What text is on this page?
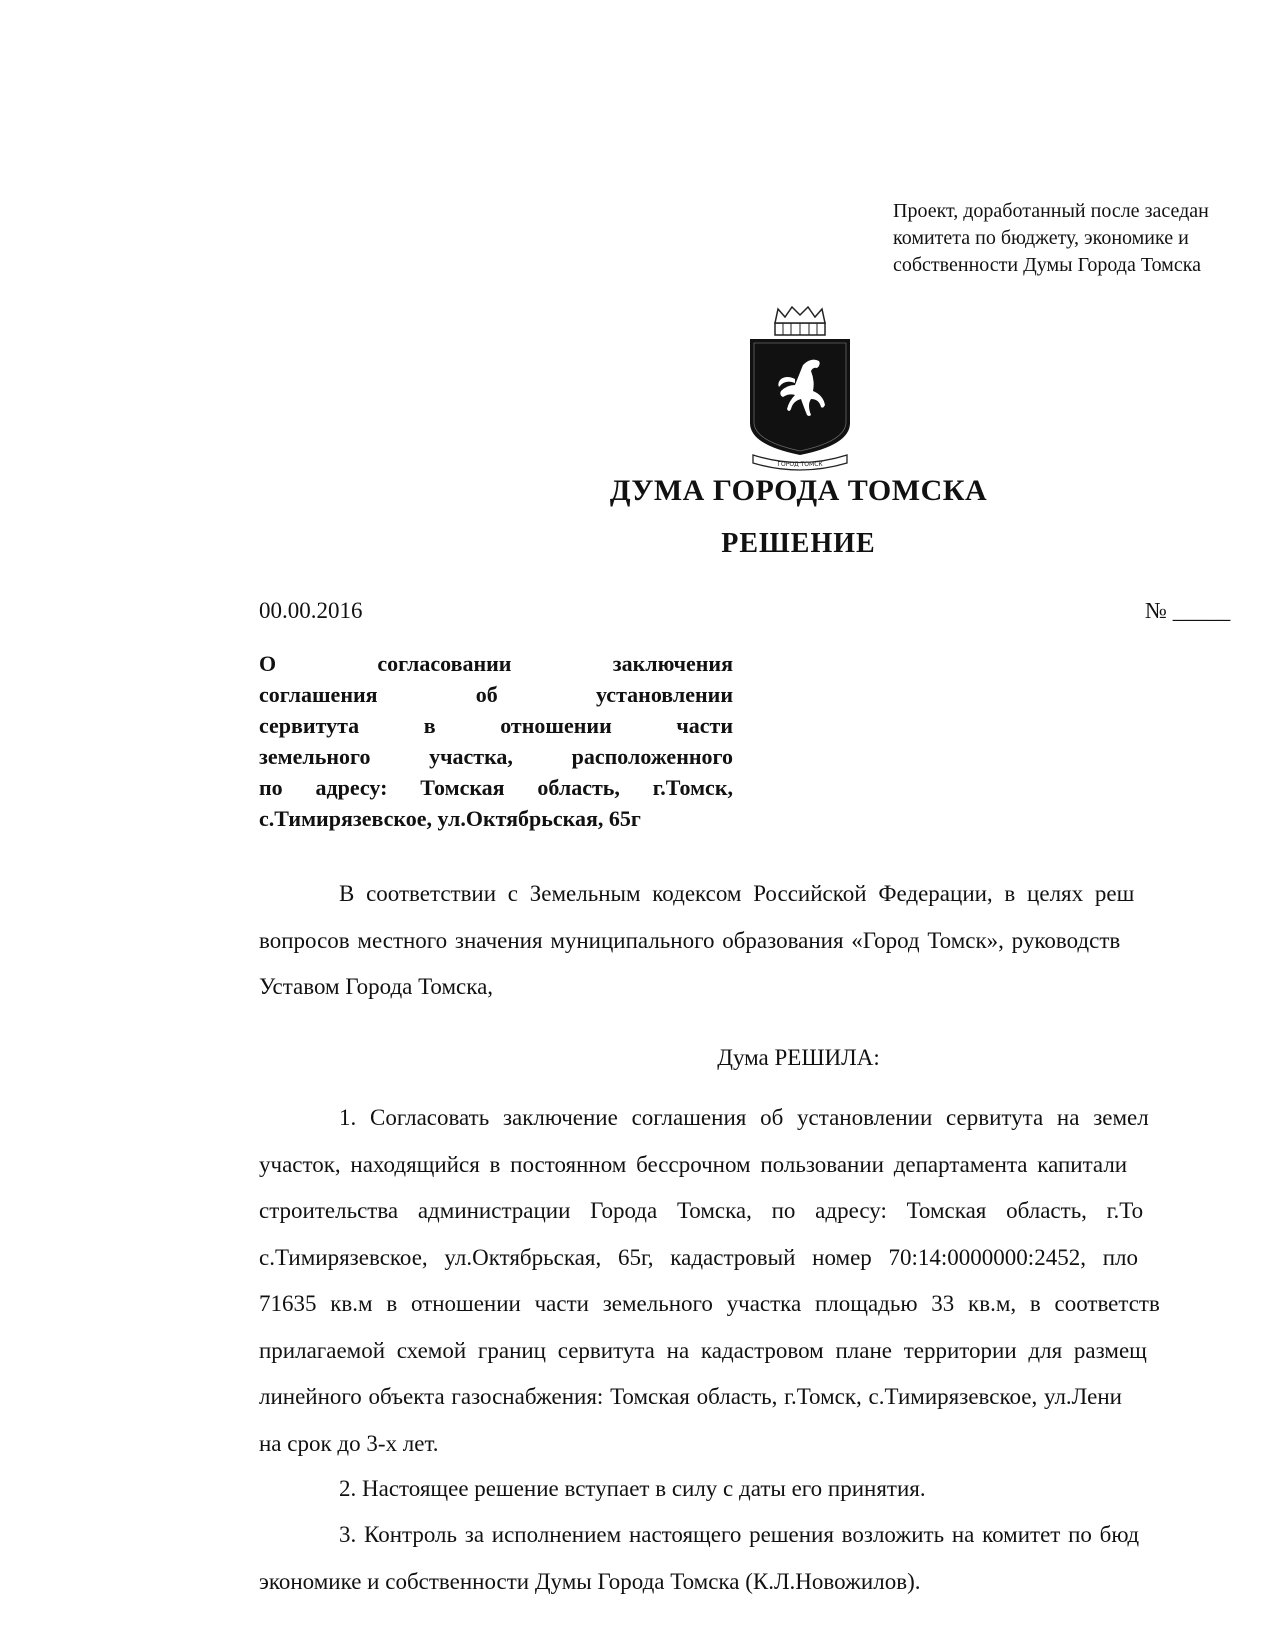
Проект, доработанный после заседан
комитета по бюджету, экономике и
собственности Думы Города Томска
ГОРОД ТОМСК
ДУМА ГОРОДА ТОМСКА
РЕШЕНИЕ
00.00.2016	№ _____
О согласовании заключения
соглашения об установлении
сервитута в отношении части
земельного участка, расположенного
по адресу: Томская область, г.Томск,
с.Тимирязевское, ул.Октябрьская, 65г
В соответствии с Земельным кодексом Российской Федерации, в целях реш
вопросов местного значения муниципального образования «Город Томск», руководств
Уставом Города Томска,
Дума РЕШИЛА:
1. Согласовать заключение соглашения об установлении сервитута на земел
участок, находящийся в постоянном бессрочном пользовании департамента капитали
строительства администрации Города Томска, по адресу: Томская область, г.То
с.Тимирязевское, ул.Октябрьская, 65г, кадастровый номер 70:14:0000000:2452, пло
71635 кв.м в отношении части земельного участка площадью 33 кв.м, в соответств
прилагаемой схемой границ сервитута на кадастровом плане территории для размещ
линейного объекта газоснабжения: Томская область, г.Томск, с.Тимирязевское, ул.Лени
на срок до 3-х лет.
2. Настоящее решение вступает в силу с даты его принятия.
3. Контроль за исполнением настоящего решения возложить на комитет по бюд
экономике и собственности Думы Города Томска (К.Л.Новожилов).
